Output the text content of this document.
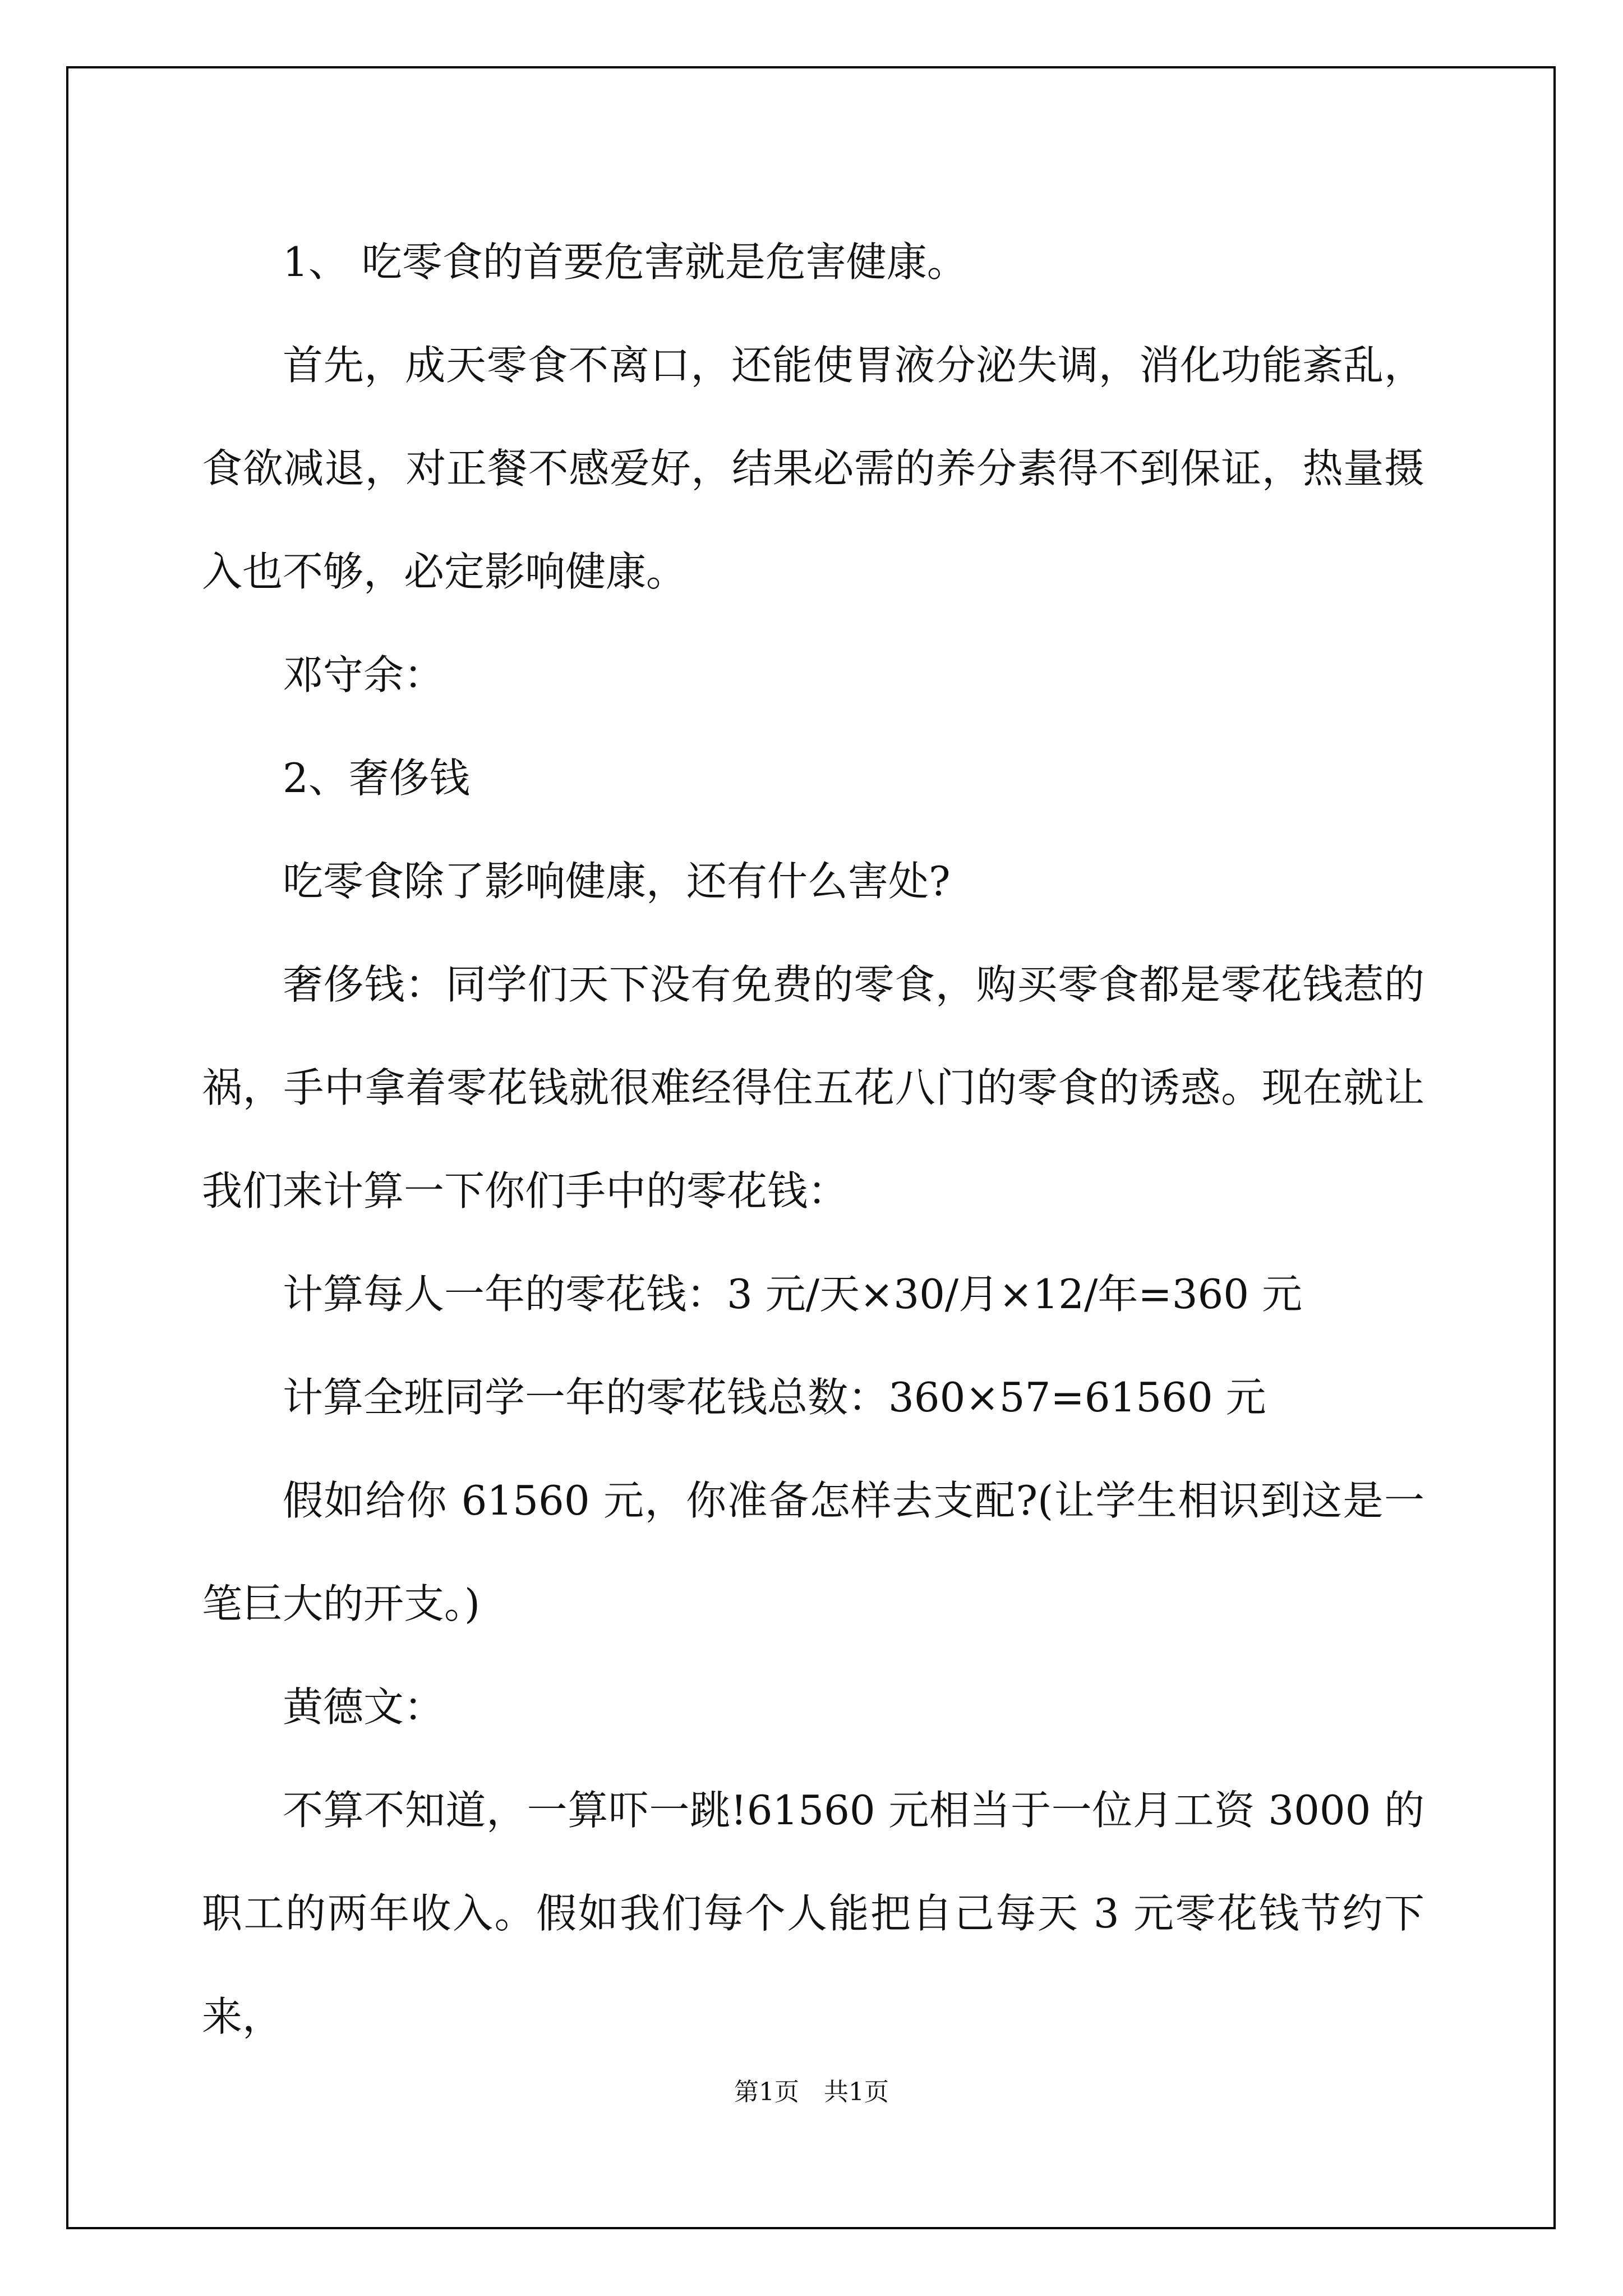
1、 吃零食的首要危害就是危害健康。

首先，成天零食不离口，还能使胃液分泌失调，消化功能紊乱，食欲减退，对正餐不感爱好，结果必需的养分素得不到保证，热量摄入也不够，必定影响健康。

邓守余：

2、奢侈钱

吃零食除了影响健康，还有什么害处?

奢侈钱：同学们天下没有免费的零食，购买零食都是零花钱惹的祸，手中拿着零花钱就很难经得住五花八门的零食的诱惑。现在就让我们来计算一下你们手中的零花钱：

计算每人一年的零花钱：3 元/天×30/月×12/年=360 元

计算全班同学一年的零花钱总数：360×57=61560 元

假如给你 61560 元，你准备怎样去支配?(让学生相识到这是一笔巨大的开支。)

黄德文：

不算不知道，一算吓一跳!61560 元相当于一位月工资 3000 的职工的两年收入。假如我们每个人能把自己每天 3 元零花钱节约下来，

第1页　共1页
